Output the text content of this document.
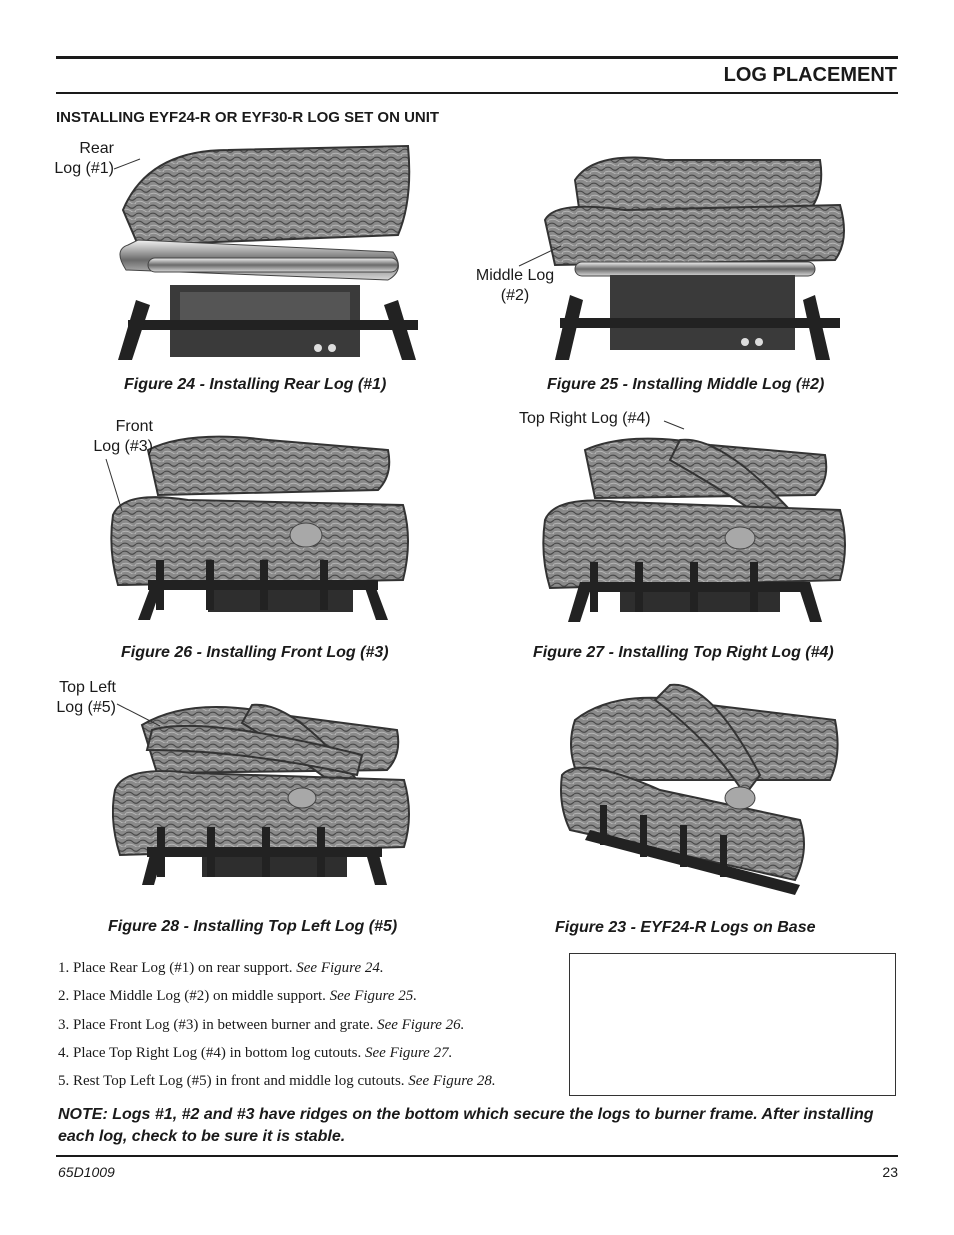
LOG PLACEMENT
INSTALLING EYF24-R OR EYF30-R LOG SET ON UNIT
Rear
Log (#1)
Figure 24 - Installing Rear Log (#1)
Middle Log
(#2)
Figure 25 - Installing Middle Log (#2)
Front
Log (#3)
Figure 26 - Installing Front Log (#3)
Top Right Log (#4)
Figure 27 - Installing Top Right Log (#4)
Top Left
Log (#5)
Figure 28 - Installing Top Left Log (#5)	Figure 23 - EYF24-R Logs on Base
1. Place Rear Log (#1) on rear support. See Figure 24.
2. Place Middle Log (#2) on middle support. See Figure 25.
3. Place Front Log (#3) in between burner and grate. See Figure 26.
4. Place Top Right Log (#4) in bottom log cutouts. See Figure 27.
5. Rest Top Left Log (#5) in front and middle log cutouts. See Figure 28.
NOTE: Logs #1, #2 and #3 have ridges on the bottom which secure the logs to burner frame. After installing each log, check to be sure it is stable.
65D1009	23
